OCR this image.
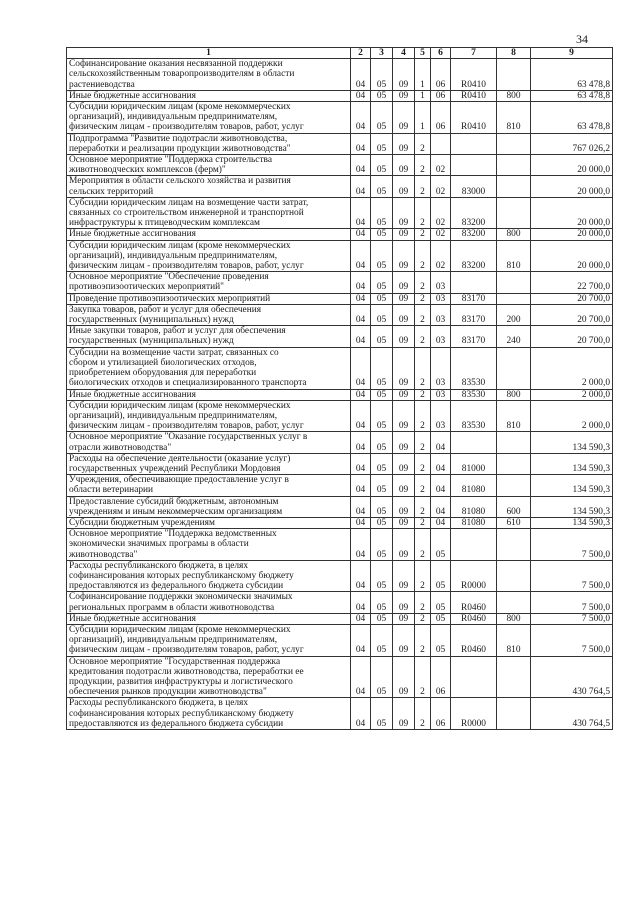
34
1	2	3	4	5	6	7	8	9

Софинансирование оказания несвязанной поддержки
сельскохозяйственным товаропроизводителям в области
растениеводства	04	05	09	1	06	R0410		63 478,8

Иные бюджетные ассигнования	04	05	09	1	06	R0410	800	63 478,8

Субсидии юридическим лицам (кроме некоммерческих
организаций), индивидуальным предпринимателям,
физическим лицам - производителям товаров, работ, услуг	04	05	09	1	06	R0410	810	63 478,8

Подпрограмма "Развитие подотрасли животноводства,
переработки и реализации продукции животноводства"	04	05	09	2				767 026,2

Основное мероприятие "Поддержка строительства
животноводческих комплексов (ферм)"	04	05	09	2	02			20 000,0

Мероприятия в области сельского хозяйства и развития
сельских территорий	04	05	09	2	02	83000		20 000,0

Субсидии юридическим лицам на возмещение части затрат,
связанных со строительством инженерной и транспортной
инфраструктуры к птицеводческим комплексам	04	05	09	2	02	83200		20 000,0

Иные бюджетные ассигнования	04	05	09	2	02	83200	800	20 000,0

Субсидии юридическим лицам (кроме некоммерческих
организаций), индивидуальным предпринимателям,
физическим лицам - производителям товаров, работ, услуг	04	05	09	2	02	83200	810	20 000,0

Основное мероприятие "Обеспечение проведения
противоэпизоотических мероприятий"	04	05	09	2	03			22 700,0

Проведение противоэпизоотических мероприятий	04	05	09	2	03	83170		20 700,0

Закупка товаров, работ и услуг для обеспечения
государственных (муниципальных) нужд	04	05	09	2	03	83170	200	20 700,0

Иные закупки товаров, работ и услуг для обеспечения
государственных (муниципальных) нужд	04	05	09	2	03	83170	240	20 700,0

Субсидии на возмещение части затрат, связанных со
сбором и утилизацией биологических отходов,
приобретением оборудования для переработки
биологических отходов и специализированного транспорта	04	05	09	2	03	83530		2 000,0

Иные бюджетные ассигнования	04	05	09	2	03	83530	800	2 000,0

Субсидии юридическим лицам (кроме некоммерческих
организаций), индивидуальным предпринимателям,
физическим лицам - производителям товаров, работ, услуг	04	05	09	2	03	83530	810	2 000,0

Основное мероприятие "Оказание государственных услуг в
отрасли животноводства"	04	05	09	2	04			134 590,3

Расходы на обеспечение деятельности (оказание услуг)
государственных учреждений Республики Мордовия	04	05	09	2	04	81000		134 590,3

Учреждения, обеспечивающие предоставление услуг в
области ветеринарии	04	05	09	2	04	81080		134 590,3

Предоставление субсидий бюджетным, автономным
учреждениям и иным некоммерческим организациям	04	05	09	2	04	81080	600	134 590,3

Субсидии бюджетным учреждениям	04	05	09	2	04	81080	610	134 590,3

Основное мероприятие "Поддержка ведомственных
экономически значимых програмы в области
животноводства"	04	05	09	2	05			7 500,0

Расходы республиканского бюджета, в целях
софинансирования которых республиканскому бюджету
предоставляются из федерального бюджета субсидии	04	05	09	2	05	R0000		7 500,0

Софинансирование поддержки экономически значимых
региональных программ в области животноводства	04	05	09	2	05	R0460		7 500,0

Иные бюджетные ассигнования	04	05	09	2	05	R0460	800	7 500,0

Субсидии юридическим лицам (кроме некоммерческих
организаций), индивидуальным предпринимателям,
физическим лицам - производителям товаров, работ, услуг	04	05	09	2	05	R0460	810	7 500,0

Основное мероприятие "Государственная поддержка
кредитования подотрасли животноводства, переработки ее
продукции, развития инфраструктуры и логистического
обеспечения рынков продукции животноводства"	04	05	09	2	06			430 764,5

Расходы республиканского бюджета, в целях
софинансирования которых республиканскому бюджету
предоставляются из федерального бюджета субсидии	04	05	09	2	06	R0000		430 764,5
